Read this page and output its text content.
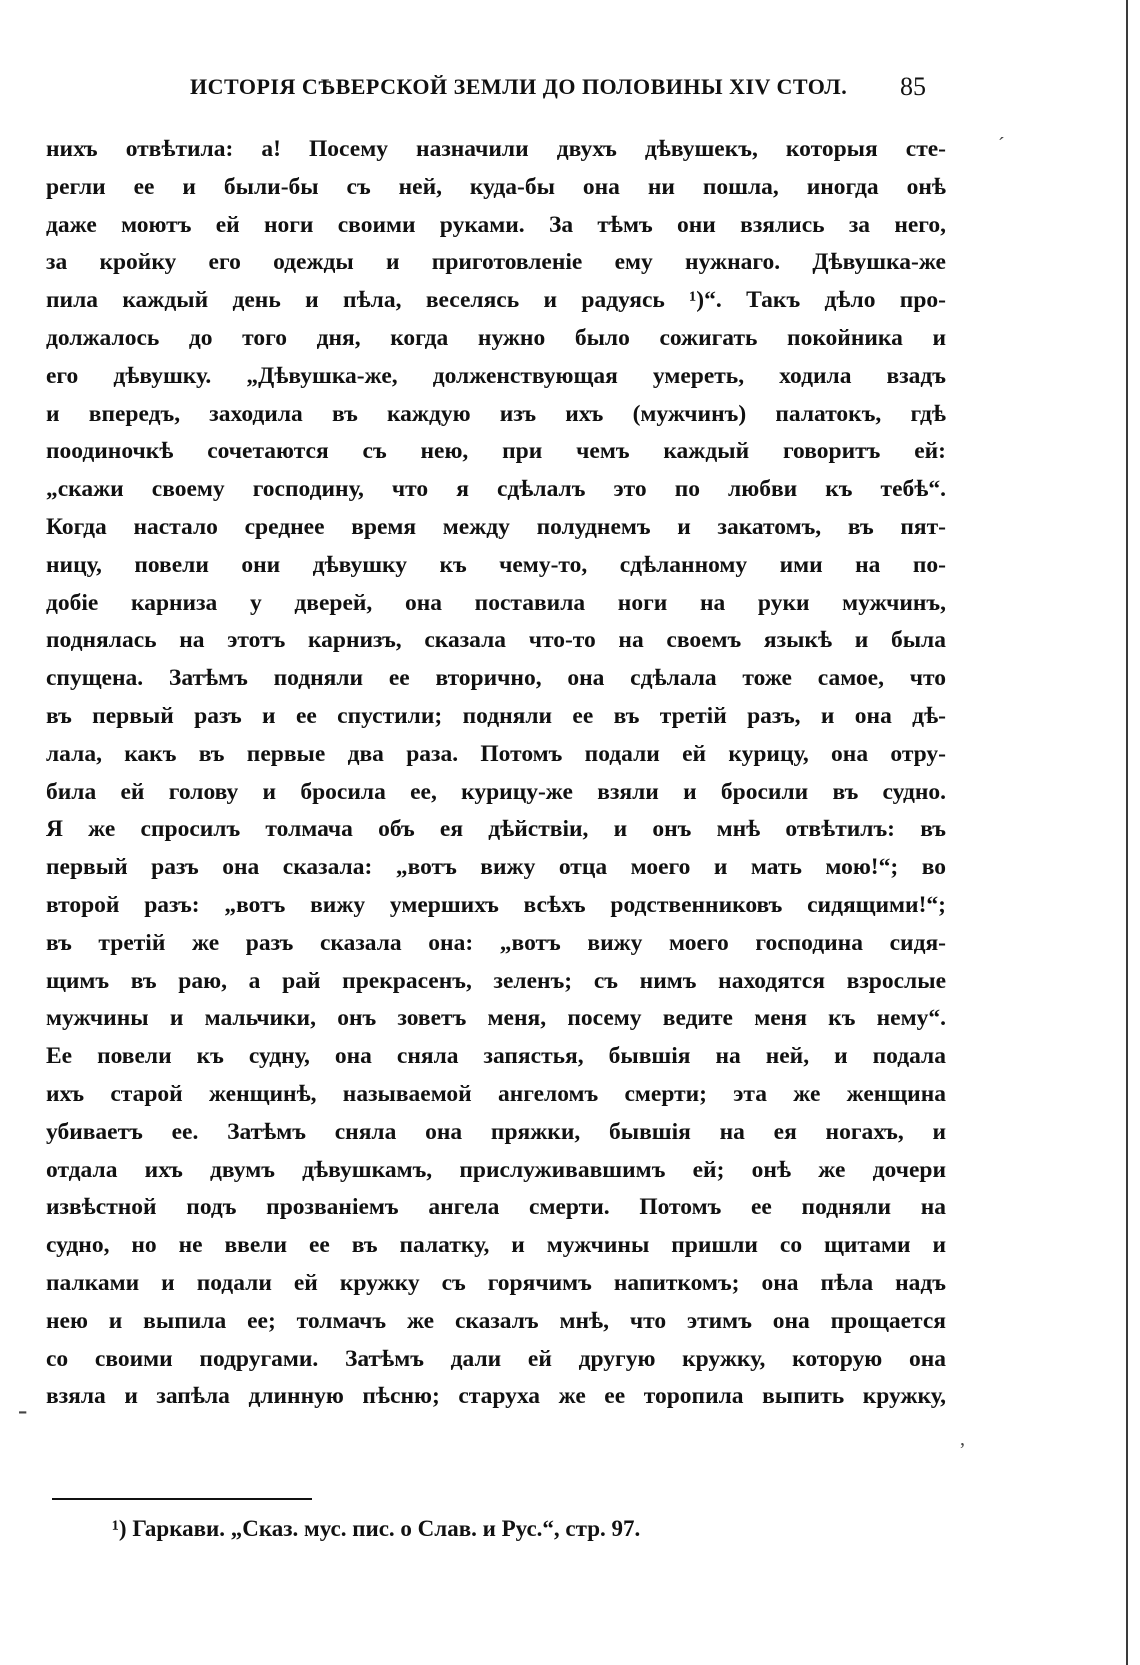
ИСТОРІЯ СѢВЕРСКОЙ ЗЕМЛИ ДО ПОЛОВИНЫ XIV СТОЛ. 85
нихъ отвѣтила: а! Посему назначили двухъ дѣвушекъ, которыя сте-
регли ее и были-бы съ ней, куда-бы она ни пошла, иногда онѣ
даже моютъ ей ноги своими руками. За тѣмъ они взялись за него,
за кройку его одежды и приготовленіе ему нужнаго. Дѣвушка-же
пила каждый день и пѣла, веселясь и радуясь ¹)“. Такъ дѣло про-
должалось до того дня, когда нужно было сожигать покойника и
его дѣвушку. „Дѣвушка-же, долженствующая умереть, ходила взадъ
и впередъ, заходила въ каждую изъ ихъ (мужчинъ) палатокъ, гдѣ
поодиночкѣ сочетаются съ нею, при чемъ каждый говоритъ ей:
„скажи своему господину, что я сдѣлалъ это по любви къ тебѣ“.
Когда настало среднее время между полуднемъ и закатомъ, въ пят-
ницу, повели они дѣвушку къ чему-то, сдѣланному ими на по-
добіе карниза у дверей, она поставила ноги на руки мужчинъ,
поднялась на этотъ карнизъ, сказала что-то на своемъ языкѣ и была
спущена. Затѣмъ подняли ее вторично, она сдѣлала тоже самое, что
въ первый разъ и ее спустили; подняли ее въ третій разъ, и она дѣ-
лала, какъ въ первые два раза. Потомъ подали ей курицу, она отру-
била ей голову и бросила ее, курицу-же взяли и бросили въ судно.
Я же спросилъ толмача объ ея дѣйствіи, и онъ мнѣ отвѣтилъ: въ
первый разъ она сказала: „вотъ вижу отца моего и мать мою!“; во
второй разъ: „вотъ вижу умершихъ всѣхъ родственниковъ сидящими!“;
въ третій же разъ сказала она: „вотъ вижу моего господина сидя-
щимъ въ раю, а рай прекрасенъ, зеленъ; съ нимъ находятся взрослые
мужчины и мальчики, онъ зоветъ меня, посему ведите меня къ нему“.
Ее повели къ судну, она сняла запястья, бывшія на ней, и подала
ихъ старой женщинѣ, называемой ангеломъ смерти; эта же женщина
убиваетъ ее. Затѣмъ сняла она пряжки, бывшія на ея ногахъ, и
отдала ихъ двумъ дѣвушкамъ, прислуживавшимъ ей; онѣ же дочери
извѣстной подъ прозваніемъ ангела смерти. Потомъ ее подняли на
судно, но не ввели ее въ палатку, и мужчины пришли со щитами и
палками и подали ей кружку съ горячимъ напиткомъ; она пѣла надъ
нею и выпила ее; толмачъ же сказалъ мнѣ, что этимъ она прощается
со своими подругами. Затѣмъ дали ей другую кружку, которую она
взяла и запѣла длинную пѣсню; старуха же ее торопила выпить кружку,
ˊ
-
,
¹) Гаркави. „Сказ. мус. пис. о Слав. и Рус.“, стр. 97.
